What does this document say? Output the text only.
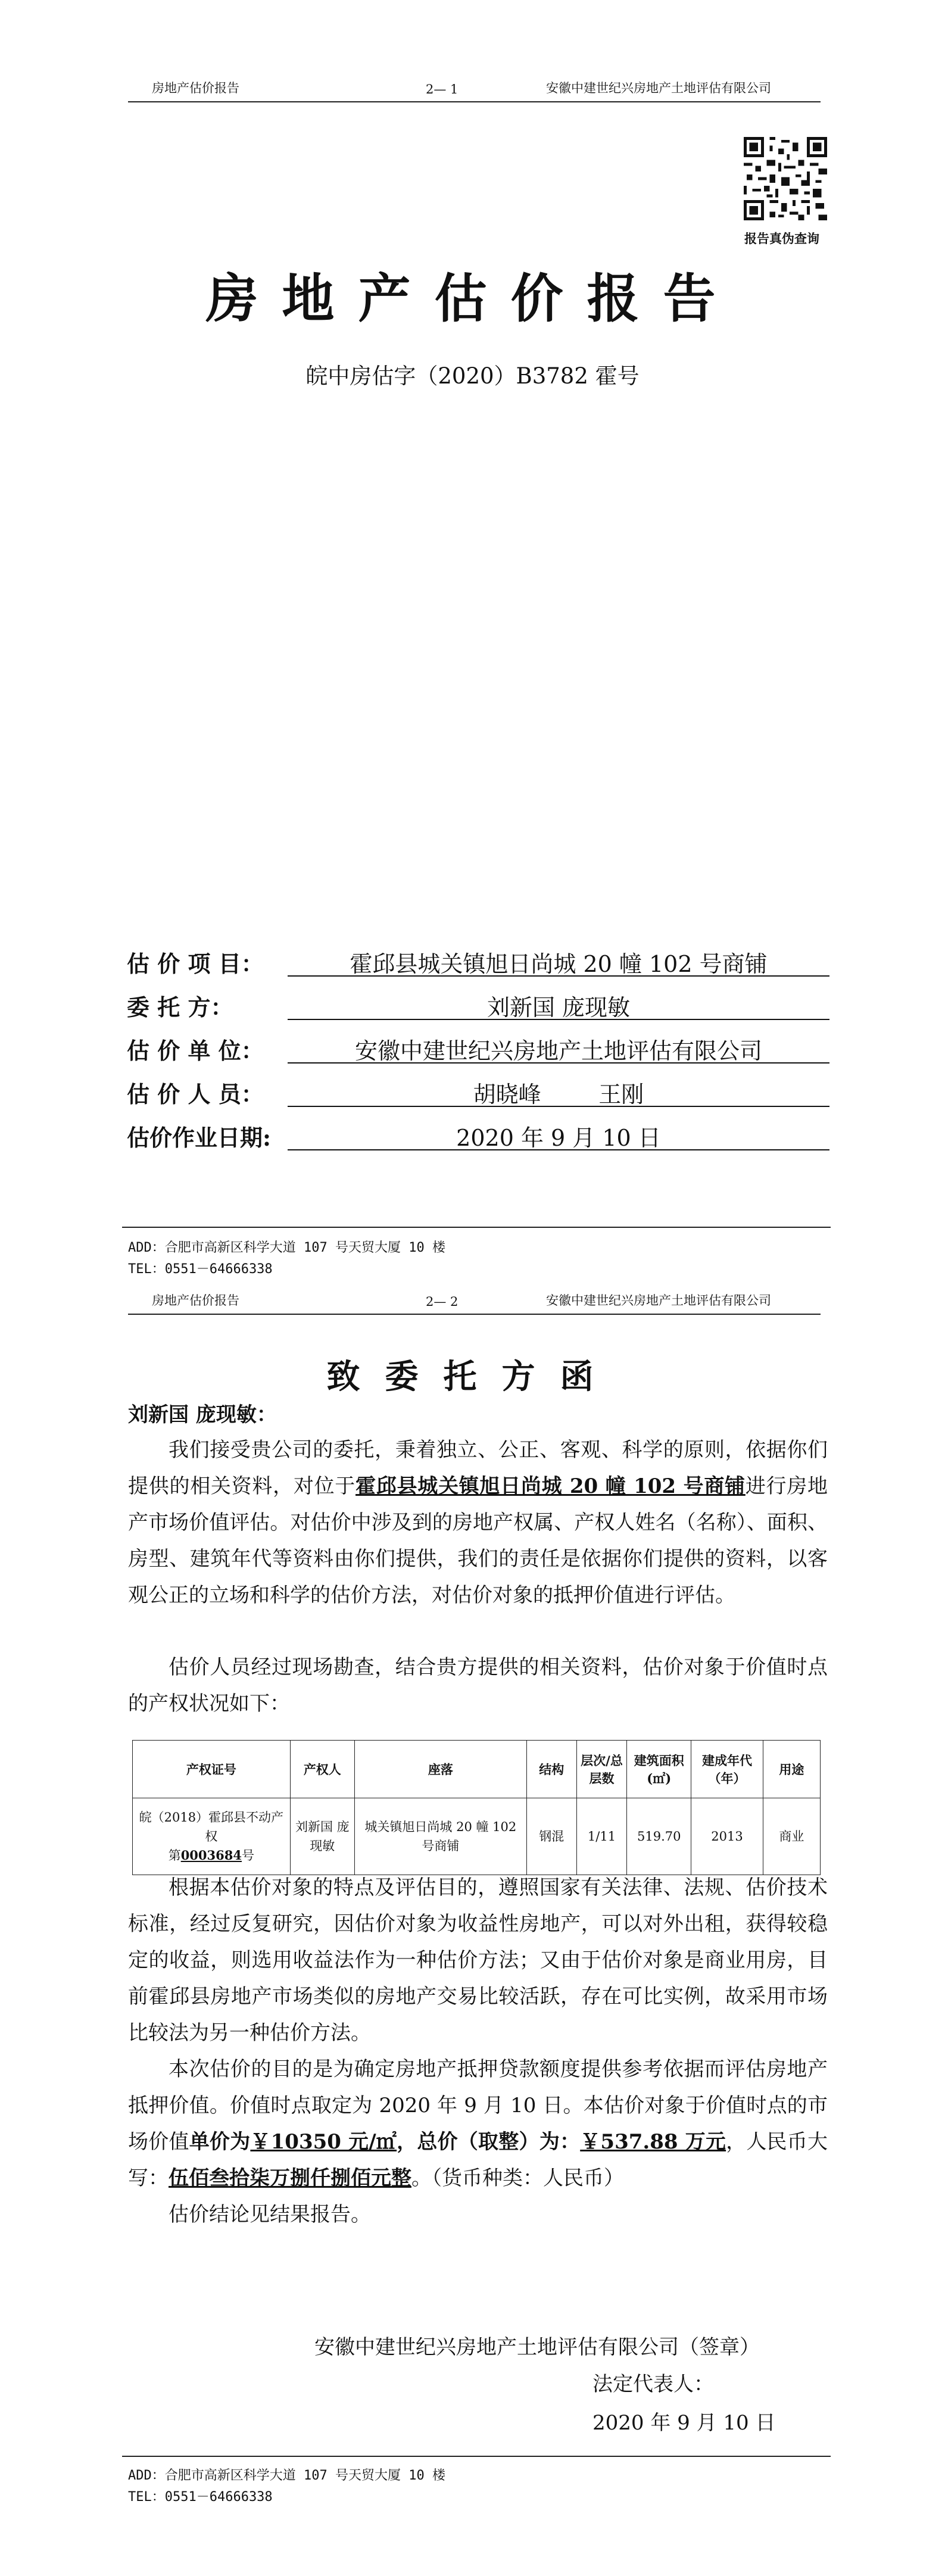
房地产估价报告	2— 1	安徽中建世纪兴房地产土地评估有限公司
报告真伪查询
房地产估价报告
皖中房估字（2020）B3782 霍号
估 价 项 目：	霍邱县城关镇旭日尚城 20 幢 102 号商铺
委 托 方：	刘新国 庞现敏
估 价 单 位：	安徽中建世纪兴房地产土地评估有限公司
估 价 人 员：	胡晓峰        王刚
估价作业日期:	2020 年 9 月 10 日
ADD：合肥市高新区科学大道 107 号天贸大厦 10 楼
TEL：0551－64666338
房地产估价报告	2— 2	安徽中建世纪兴房地产土地评估有限公司
致委托方函
刘新国 庞现敏：

我们接受贵公司的委托，秉着独立、公正、客观、科学的原则，依据你们提供的相关资料，对位于霍邱县城关镇旭日尚城 20 幢 102 号商铺进行房地产市场价值评估。对估价中涉及到的房地产权属、产权人姓名（名称）、面积、房型、建筑年代等资料由你们提供，我们的责任是依据你们提供的资料，以客观公正的立场和科学的估价方法，对估价对象的抵押价值进行评估。

估价人员经过现场勘查，结合贵方提供的相关资料，估价对象于价值时点的产权状况如下：

产权证号	产权人	座落	结构	层次/总层数	建筑面积(㎡)	建成年代（年）	用途
皖（2018）霍邱县不动产权
第0003684号	刘新国 庞现敏	城关镇旭日尚城 20 幢 102 号商铺	钢混	1/11	519.70	2013	商业

根据本估价对象的特点及评估目的，遵照国家有关法律、法规、估价技术标准，经过反复研究，因估价对象为收益性房地产，可以对外出租，获得较稳定的收益，则选用收益法作为一种估价方法；又由于估价对象是商业用房，目前霍邱县房地产市场类似的房地产交易比较活跃，存在可比实例，故采用市场比较法为另一种估价方法。

本次估价的目的是为确定房地产抵押贷款额度提供参考依据而评估房地产抵押价值。价值时点取定为 2020 年 9 月 10 日。本估价对象于价值时点的市场价值单价为￥10350 元/㎡，总价（取整）为：￥537.88 万元，人民币大写：伍佰叁拾柒万捌仟捌佰元整。（货币种类：人民币）

估价结论见结果报告。

安徽中建世纪兴房地产土地评估有限公司（签章）
法定代表人：
2020 年 9 月 10 日
ADD：合肥市高新区科学大道 107 号天贸大厦 10 楼
TEL：0551－64666338
